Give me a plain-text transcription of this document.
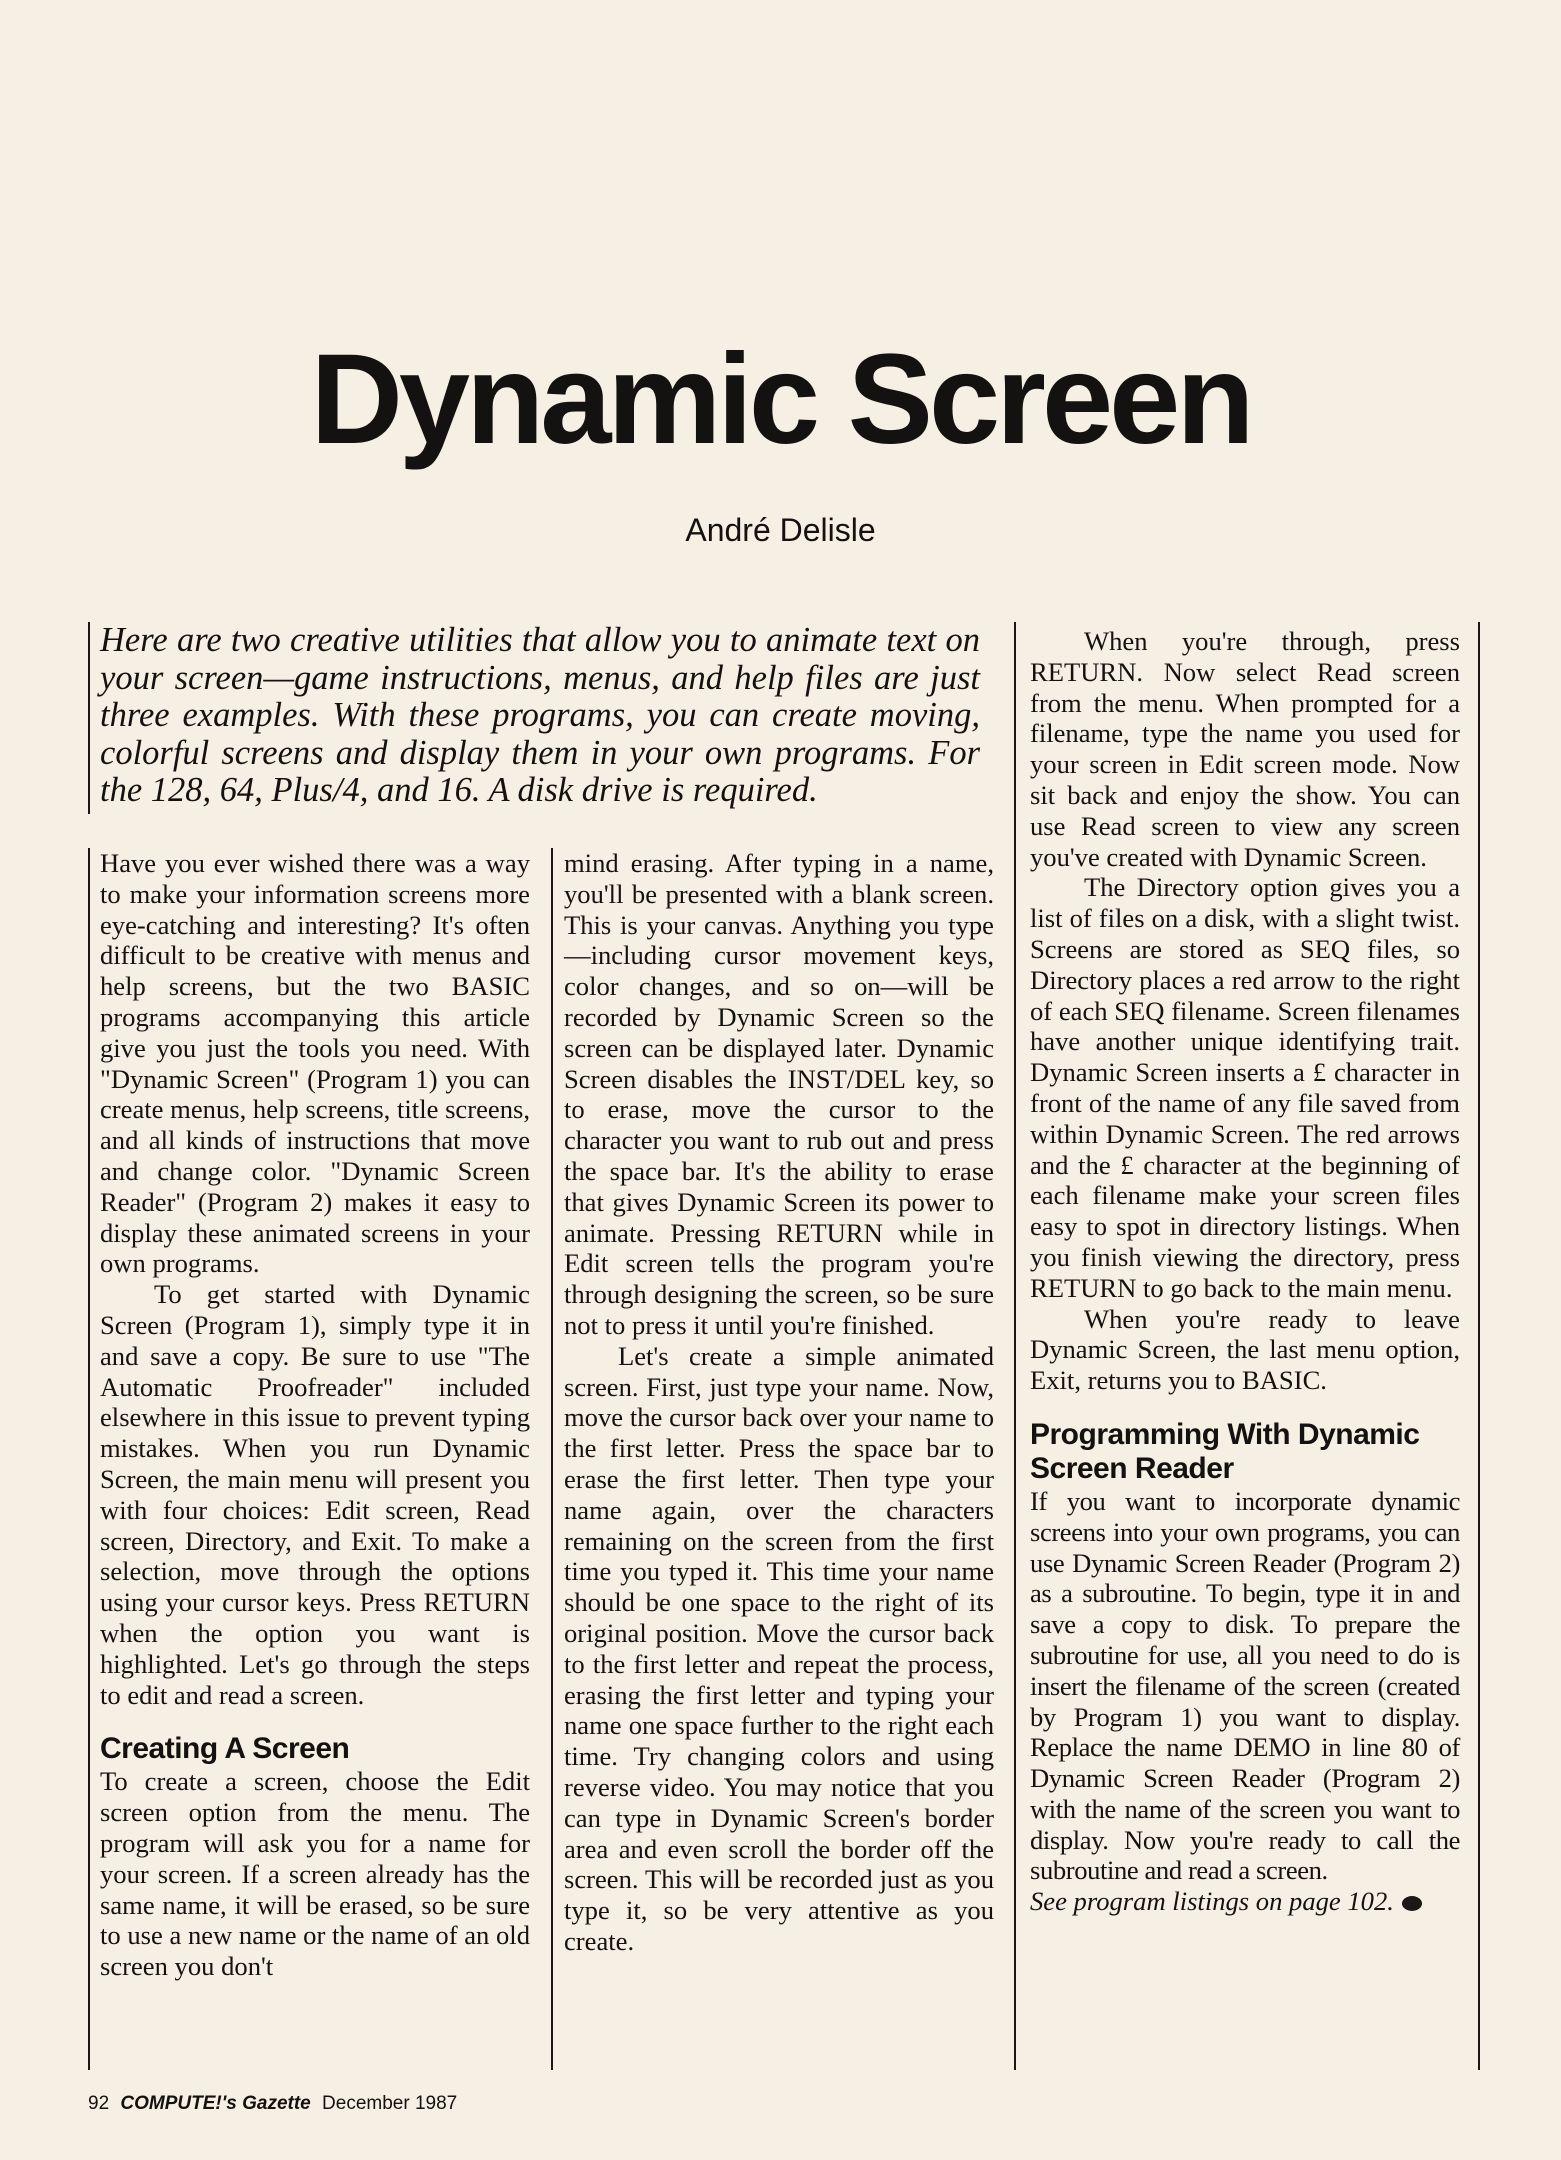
Dynamic Screen
André Delisle

Here are two creative utilities that allow you to animate text on your screen—game instructions, menus, and help files are just three examples. With these programs, you can create moving, colorful screens and display them in your own programs. For the 128, 64, Plus/4, and 16. A disk drive is required.

Have you ever wished there was a way to make your information screens more eye-catching and interesting? It's often difficult to be creative with menus and help screens, but the two BASIC programs accompanying this article give you just the tools you need. With "Dynamic Screen" (Program 1) you can create menus, help screens, title screens, and all kinds of instructions that move and change color. "Dynamic Screen Reader" (Program 2) makes it easy to display these animated screens in your own programs.

To get started with Dynamic Screen (Program 1), simply type it in and save a copy. Be sure to use "The Automatic Proofreader" included elsewhere in this issue to prevent typing mistakes. When you run Dynamic Screen, the main menu will present you with four choices: Edit screen, Read screen, Directory, and Exit. To make a selection, move through the options using your cursor keys. Press RETURN when the option you want is highlighted. Let's go through the steps to edit and read a screen.

Creating A Screen

To create a screen, choose the Edit screen option from the menu. The program will ask you for a name for your screen. If a screen already has the same name, it will be erased, so be sure to use a new name or the name of an old screen you don't

mind erasing. After typing in a name, you'll be presented with a blank screen. This is your canvas. Anything you type—including cursor movement keys, color changes, and so on—will be recorded by Dynamic Screen so the screen can be displayed later. Dynamic Screen disables the INST/DEL key, so to erase, move the cursor to the character you want to rub out and press the space bar. It's the ability to erase that gives Dynamic Screen its power to animate. Pressing RETURN while in Edit screen tells the program you're through designing the screen, so be sure not to press it until you're finished.

Let's create a simple animated screen. First, just type your name. Now, move the cursor back over your name to the first letter. Press the space bar to erase the first letter. Then type your name again, over the characters remaining on the screen from the first time you typed it. This time your name should be one space to the right of its original position. Move the cursor back to the first letter and repeat the process, erasing the first letter and typing your name one space further to the right each time. Try changing colors and using reverse video. You may notice that you can type in Dynamic Screen's border area and even scroll the border off the screen. This will be recorded just as you type it, so be very attentive as you create.

When you're through, press RETURN. Now select Read screen from the menu. When prompted for a filename, type the name you used for your screen in Edit screen mode. Now sit back and enjoy the show. You can use Read screen to view any screen you've created with Dynamic Screen.

The Directory option gives you a list of files on a disk, with a slight twist. Screens are stored as SEQ files, so Directory places a red arrow to the right of each SEQ filename. Screen filenames have another unique identifying trait. Dynamic Screen inserts a £ character in front of the name of any file saved from within Dynamic Screen. The red arrows and the £ character at the beginning of each filename make your screen files easy to spot in directory listings. When you finish viewing the directory, press RETURN to go back to the main menu.

When you're ready to leave Dynamic Screen, the last menu option, Exit, returns you to BASIC.

Programming With Dynamic Screen Reader

If you want to incorporate dynamic screens into your own programs, you can use Dynamic Screen Reader (Program 2) as a subroutine. To begin, type it in and save a copy to disk. To prepare the subroutine for use, all you need to do is insert the filename of the screen (created by Program 1) you want to display. Replace the name DEMO in line 80 of Dynamic Screen Reader (Program 2) with the name of the screen you want to display. Now you're ready to call the subroutine and read a screen.

See program listings on page 102.

92 COMPUTE!'s Gazette December 1987
